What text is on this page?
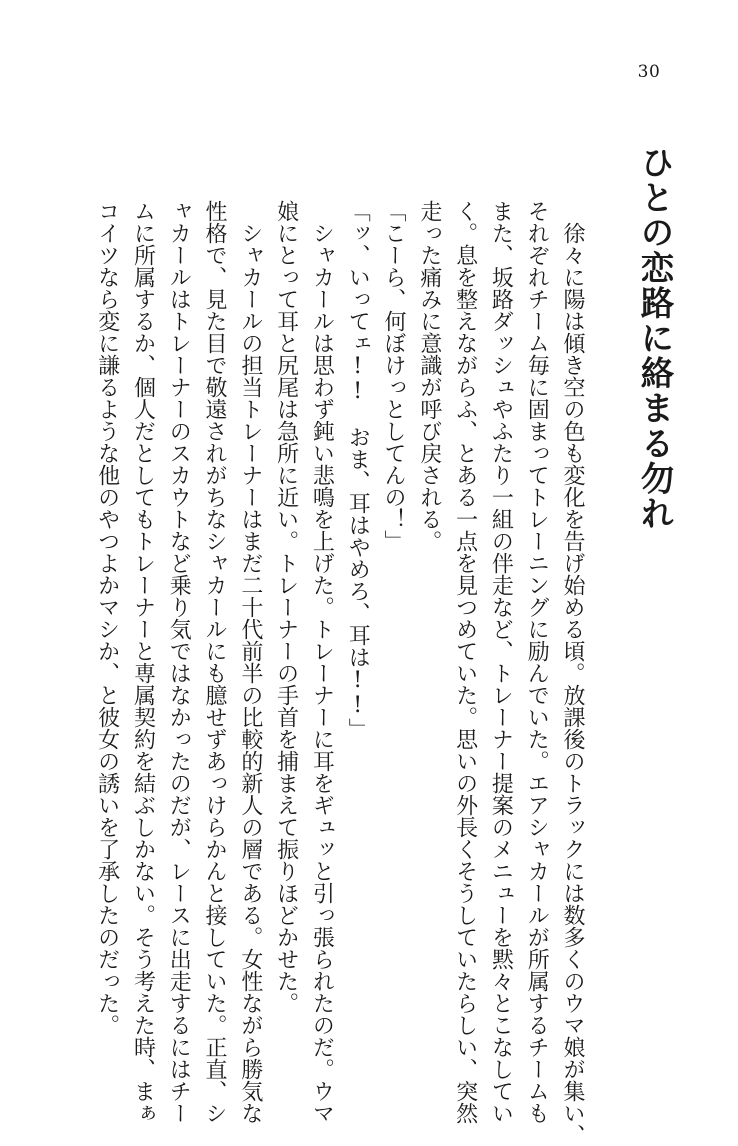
30
ひとの恋路に絡まる勿れ
　徐々に陽は傾き空の色も変化を告げ始める頃。放課後のトラックには数多くのウマ娘が集い、
それぞれチーム毎に固まってトレーニングに励んでいた。エアシャカールが所属するチームも
また、坂路ダッシュやふたり一組の伴走など、トレーナー提案のメニューを黙々とこなしてい
く。息を整えながらふ、とある一点を見つめていた。思いの外長くそうしていたらしい、突然
走った痛みに意識が呼び戻される。
「こーら、何ぼけっとしてんの！」
「ッ、いってェ!!　おま、耳はやめろ、耳は!!」
　シャカールは思わず鈍い悲鳴を上げた。トレーナーに耳をギュッと引っ張られたのだ。ウマ
娘にとって耳と尻尾は急所に近い。トレーナーの手首を捕まえて振りほどかせた。
　シャカールの担当トレーナーはまだ二十代前半の比較的新人の層である。女性ながら勝気な
性格で、見た目で敬遠されがちなシャカールにも臆せずあっけらかんと接していた。正直、シ
ャカールはトレーナーのスカウトなど乗り気ではなかったのだが、レースに出走するにはチー
ムに所属するか、個人だとしてもトレーナーと専属契約を結ぶしかない。そう考えた時、まぁ
コイツなら変に謙るような他のやつよかマシか、と彼女の誘いを了承したのだった。
